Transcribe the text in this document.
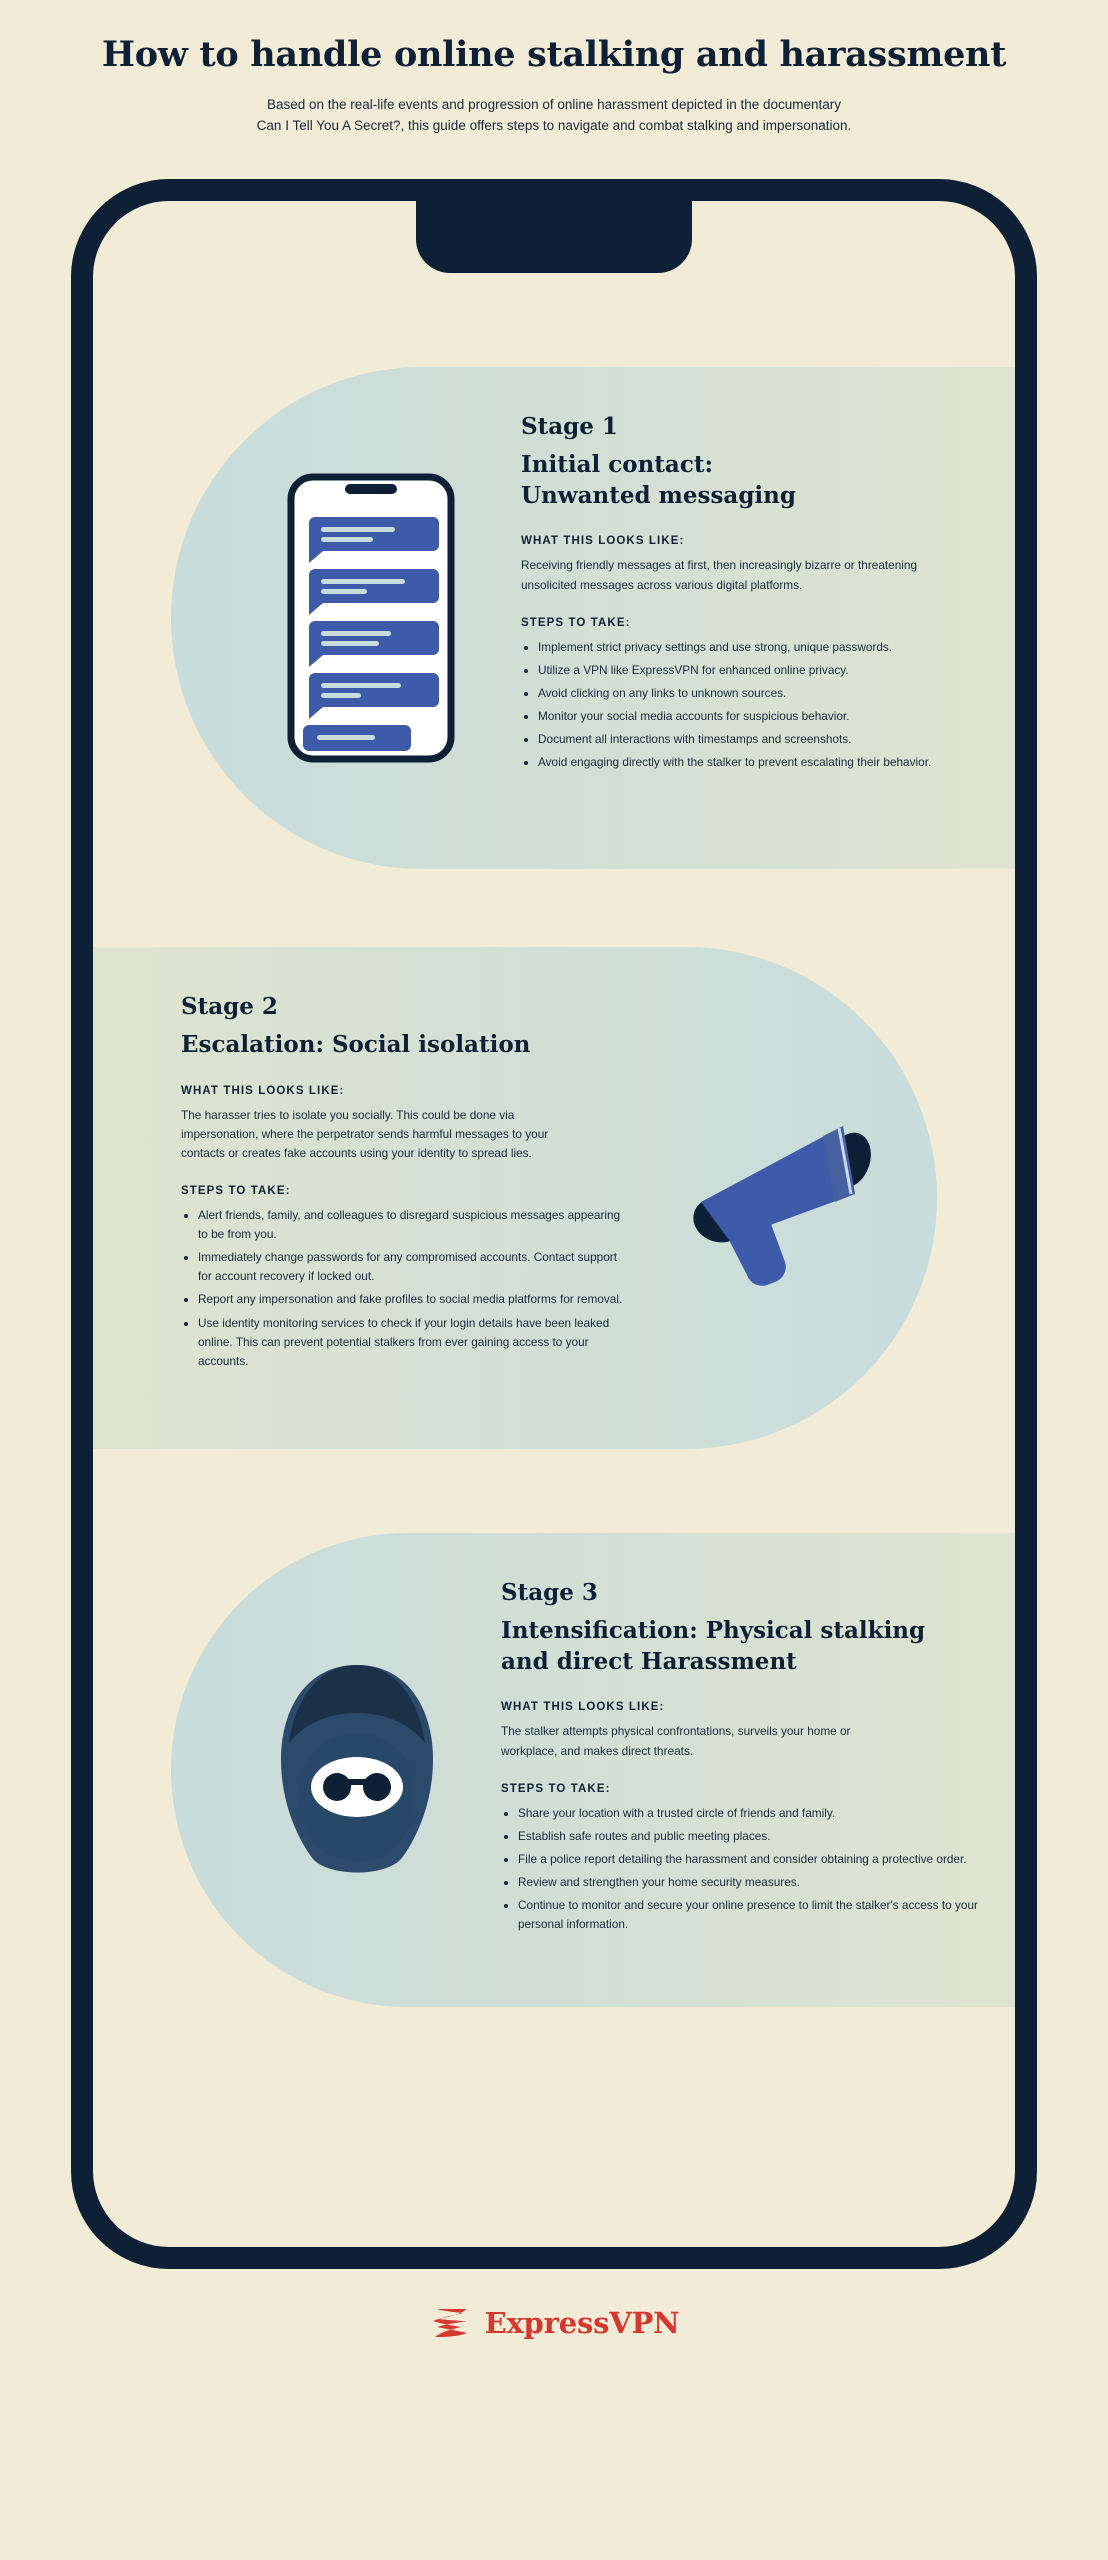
How to handle online stalking and harassment

Based on the real-life events and progression of online harassment depicted in the documentary Can I Tell You A Secret?, this guide offers steps to navigate and combat stalking and impersonation.

Stage 1
Initial contact:
Unwanted messaging
WHAT THIS LOOKS LIKE:

Receiving friendly messages at first, then increasingly bizarre or threatening unsolicited messages across various digital platforms.

STEPS TO TAKE:
• Implement strict privacy settings and use strong, unique passwords.
• Utilize a VPN like ExpressVPN for enhanced online privacy.
• Avoid clicking on any links to unknown sources.
• Monitor your social media accounts for suspicious behavior.
• Document all interactions with timestamps and screenshots.
• Avoid engaging directly with the stalker to prevent escalating their behavior.
Stage 2
Escalation: Social isolation
WHAT THIS LOOKS LIKE:

The harasser tries to isolate you socially. This could be done via impersonation, where the perpetrator sends harmful messages to your contacts or creates fake accounts using your identity to spread lies.

STEPS TO TAKE:
• Alert friends, family, and colleagues to disregard suspicious messages appearing to be from you.
• Immediately change passwords for any compromised accounts. Contact support for account recovery if locked out.
• Report any impersonation and fake profiles to social media platforms for removal.
• Use identity monitoring services to check if your login details have been leaked online. This can prevent potential stalkers from ever gaining access to your accounts.
Stage 3
Intensification: Physical stalking
and direct Harassment
WHAT THIS LOOKS LIKE:

The stalker attempts physical confrontations, surveils your home or workplace, and makes direct threats.

STEPS TO TAKE:
• Share your location with a trusted circle of friends and family.
• Establish safe routes and public meeting places.
• File a police report detailing the harassment and consider obtaining a protective order.
• Review and strengthen your home security measures.
• Continue to monitor and secure your online presence to limit the stalker's access to your personal information.
ExpressVPN
